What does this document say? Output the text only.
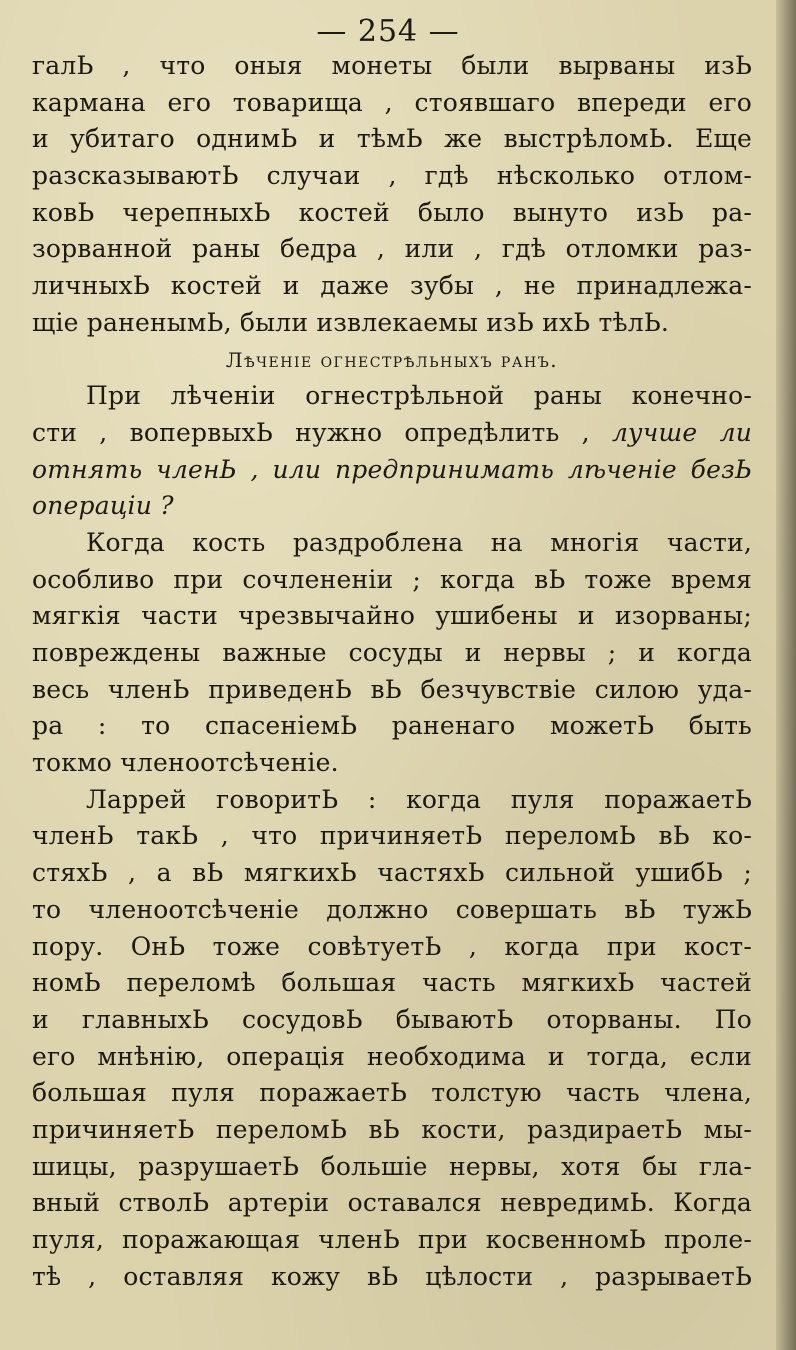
— 254 —
галЬ , что оныя монеты были вырваны изЬ
кармана его товарища , стоявшаго впереди его
и убитаго однимЬ и тѣмЬ же выстрѣломЬ. Еще
разсказываютЬ случаи , гдѣ нѣсколько отлом-
ковЬ черепныхЬ костей было вынуто изЬ ра-
зорванной раны бедра , или , гдѣ отломки раз-
личныхЬ костей и даже зубы , не принадлежа-
щіе раненымЬ, были извлекаемы изЬ ихЬ тѣлЬ.
Лѣченіе огнестрѣльныхъ ранъ.
При лѣченіи огнестрѣльной раны конечно-
сти , вопервыхЬ нужно опредѣлить , лучше ли
отнять членЬ , или предпринимать лѣченіе безЬ
операціи ?
Когда кость раздроблена на многія части,
особливо при сочлененіи ; когда вЬ тоже время
мягкія части чрезвычайно ушибены и изорваны;
повреждены важные сосуды и нервы ; и когда
весь членЬ приведенЬ вЬ безчувствіе силою уда-
ра : то спасеніемЬ раненаго можетЬ быть
токмо членоотсѣченіе.
Ларрей говоритЬ : когда пуля поражаетЬ
членЬ такЬ , что причиняетЬ переломЬ вЬ ко-
стяхЬ , а вЬ мягкихЬ частяхЬ сильной ушибЬ ;
то членоотсѣченіе должно совершать вЬ тужЬ
пору. ОнЬ тоже совѣтуетЬ , когда при кост-
номЬ переломѣ большая часть мягкихЬ частей
и главныхЬ сосудовЬ бываютЬ оторваны. По
его мнѣнію, операція необходима и тогда, если
большая пуля поражаетЬ толстую часть члена,
причиняетЬ переломЬ вЬ кости, раздираетЬ мы-
шицы, разрушаетЬ большіе нервы, хотя бы гла-
вный стволЬ артеріи оставался невредимЬ. Когда
пуля, поражающая членЬ при косвенномЬ проле-
тѣ , оставляя кожу вЬ цѣлости , разрываетЬ
